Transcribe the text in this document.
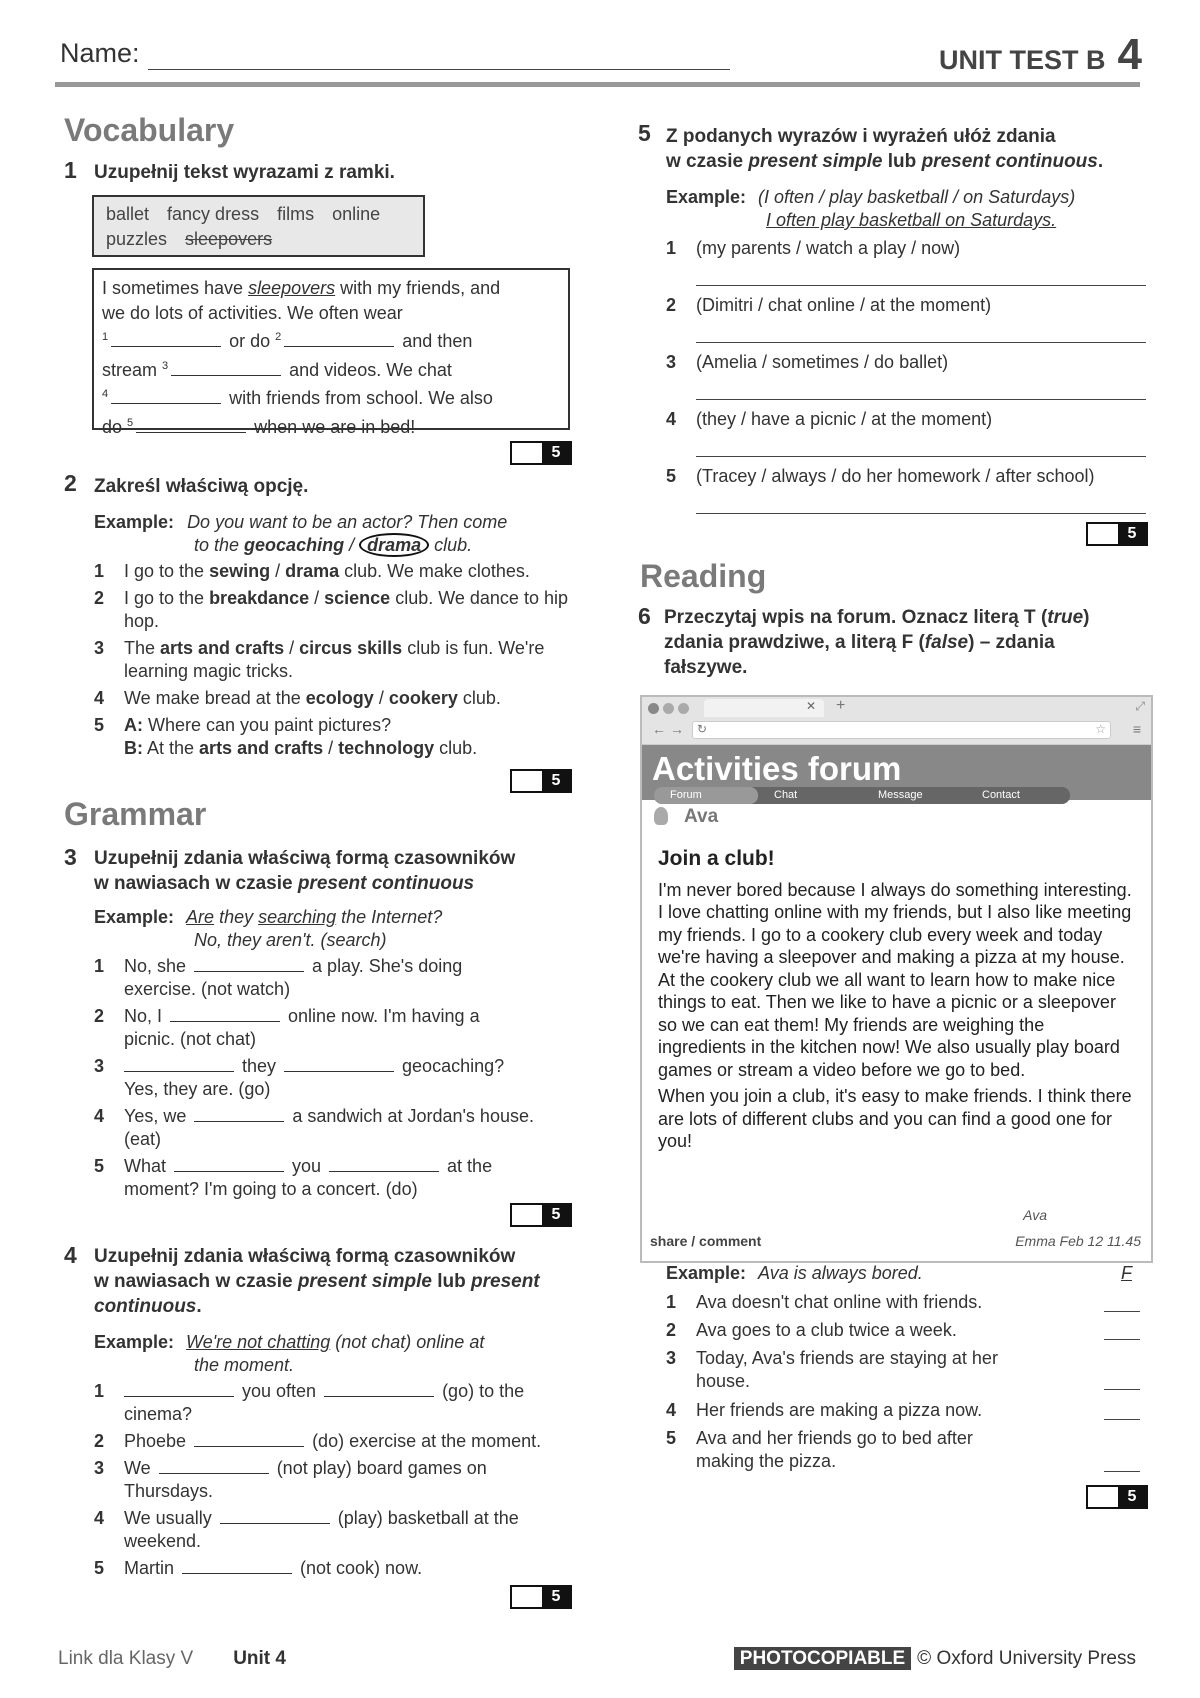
Name:	UNIT TEST B 4
Vocabulary
1 Uzupełnij tekst wyrazami z ramki.
ballet fancy dress films online
puzzles sleepovers
I sometimes have sleepovers with my friends, and
we do lots of activities. We often wear
$^1$	or do $^2$	and then
stream $^3$	and videos. We chat
$^4$	with friends from school. We also
do $^5$	when we are in bed!
5
2 Zakreśl właściwą opcję.
Example: Do you want to be an actor? Then come
to the geocaching / drama club.
1 I go to the sewing / drama club. We make clothes.
2 I go to the breakdance / science club. We dance to hip hop.
3 The arts and crafts / circus skills club is fun. We're learning magic tricks.
4 We make bread at the ecology / cookery club.
5 A: Where can you paint pictures?
B: At the arts and crafts / technology club.
5
Grammar
3 Uzupełnij zdania właściwą formą czasowników
w nawiasach w czasie present continuous
Example: Are they searching the Internet?
No, they aren't. (search)
1 No, she	a play. She's doing
exercise. (not watch)
2 No, I	online now. I'm having a
picnic. (not chat)
3	they	geocaching?
Yes, they are. (go)
4 Yes, we	a sandwich at Jordan's house.
(eat)
5 What	you	at the
moment? I'm going to a concert. (do)
5
4 Uzupełnij zdania właściwą formą czasowników
w nawiasach w czasie present simple lub present
continuous.
Example: We're not chatting (not chat) online at
the moment.
1	you often	(go) to the
cinema?
2 Phoebe	(do) exercise at the moment.
3 We	(not play) board games on
Thursdays.
4 We usually	(play) basketball at the
weekend.
5 Martin	(not cook) now.
5
5 Z podanych wyrazów i wyrażeń ułóż zdania
w czasie present simple lub present continuous.
Example: (I often / play basketball / on Saturdays)
I often play basketball on Saturdays.
1 (my parents / watch a play / now)
2 (Dimitri / chat online / at the moment)
3 (Amelia / sometimes / do ballet)
4 (they / have a picnic / at the moment)
5 (Tracey / always / do her homework / after school)
5
Reading
6 Przeczytaj wpis na forum. Oznacz literą T (true)
zdania prawdziwe, a literą F (false) – zdania
fałszywe.
✕ +	⤢
← → ↻	☆ ≡
Activities forum
Forum	Chat	Message	Contact
Ava
Join a club!
I'm never bored because I always do something interesting. I love chatting online with my friends, but I also like meeting my friends. I go to a cookery club every week and today we're having a sleepover and making a pizza at my house. At the cookery club we all want to learn how to make nice things to eat. Then we like to have a picnic or a sleepover so we can eat them! My friends are weighing the ingredients in the kitchen now! We also usually play board games or stream a video before we go to bed.
When you join a club, it's easy to make friends. I think there are lots of different clubs and you can find a good one for you!
Ava
share / comment	Emma Feb 12 11.45
Example: Ava is always bored.	F
1 Ava doesn't chat online with friends.
2 Ava goes to a club twice a week.
3 Today, Ava's friends are staying at her house.
4 Her friends are making a pizza now.
5 Ava and her friends go to bed after making the pizza.
5
Link dla Klasy V Unit 4	PHOTOCOPIABLE © Oxford University Press
